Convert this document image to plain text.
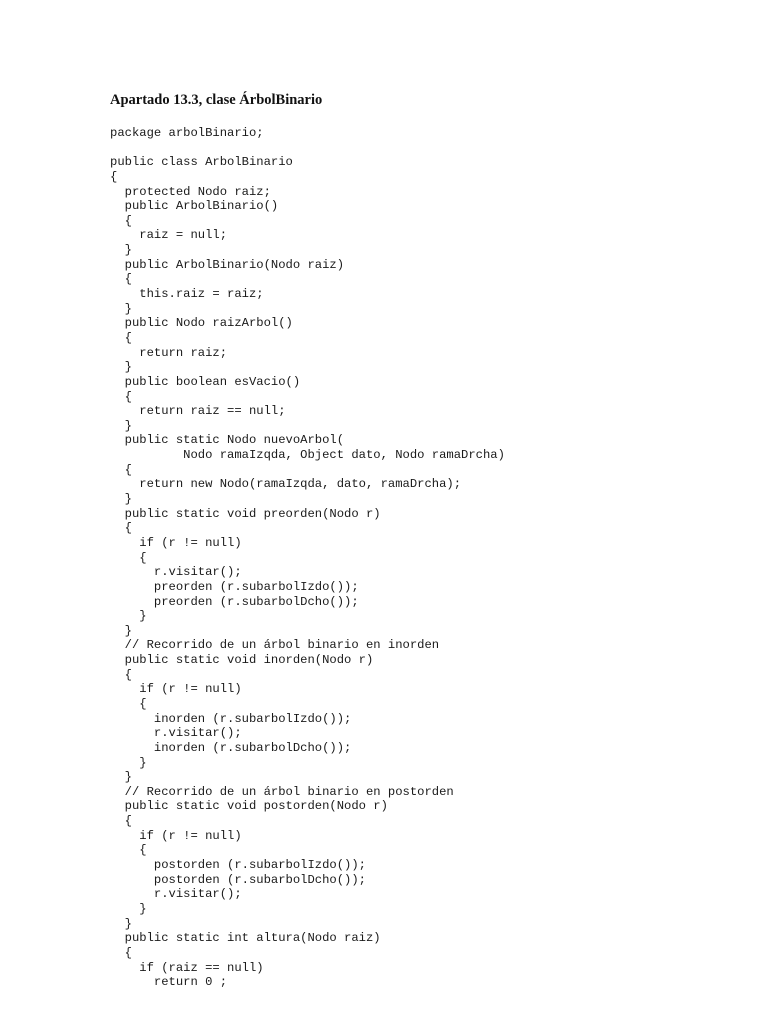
Apartado 13.3, clase ÁrbolBinario
package arbolBinario;
public class ArbolBinario
{
protected Nodo raiz;
public ArbolBinario()
{
raiz = null;
}
public ArbolBinario(Nodo raiz)
{
this.raiz = raiz;
}
public Nodo raizArbol()
{
return raiz;
}
public boolean esVacio()
{
return raiz == null;
}
public static Nodo nuevoArbol(
Nodo ramaIzqda, Object dato, Nodo ramaDrcha)
{
return new Nodo(ramaIzqda, dato, ramaDrcha);
}
public static void preorden(Nodo r)
{
if (r != null)
{
r.visitar();
preorden (r.subarbolIzdo());
preorden (r.subarbolDcho());
}
}
// Recorrido de un árbol binario en inorden
public static void inorden(Nodo r)
{
if (r != null)
{
inorden (r.subarbolIzdo());
r.visitar();
inorden (r.subarbolDcho());
}
}
// Recorrido de un árbol binario en postorden
public static void postorden(Nodo r)
{
if (r != null)
{
postorden (r.subarbolIzdo());
postorden (r.subarbolDcho());
r.visitar();
}
}
public static int altura(Nodo raiz)
{
if (raiz == null)
return 0 ;
